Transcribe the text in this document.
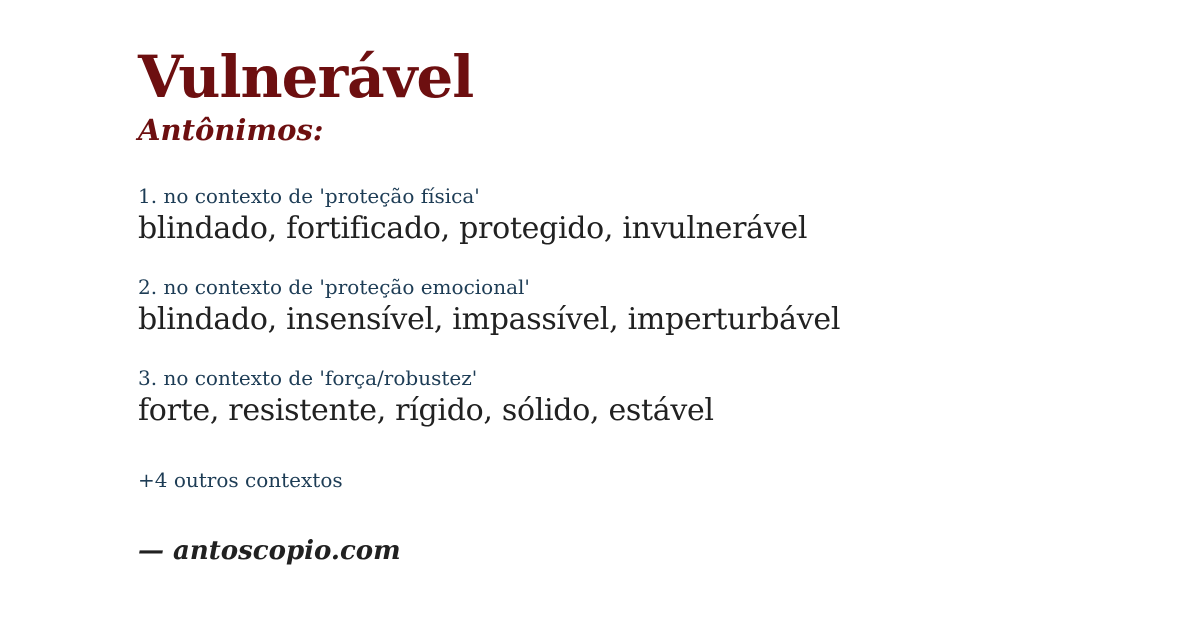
Vulnerável
Antônimos:
1. no contexto de 'proteção física'
blindado, fortificado, protegido, invulnerável
2. no contexto de 'proteção emocional'
blindado, insensível, impassível, imperturbável
3. no contexto de 'força/robustez'
forte, resistente, rígido, sólido, estável
+4 outros contextos
— antoscopio.com
